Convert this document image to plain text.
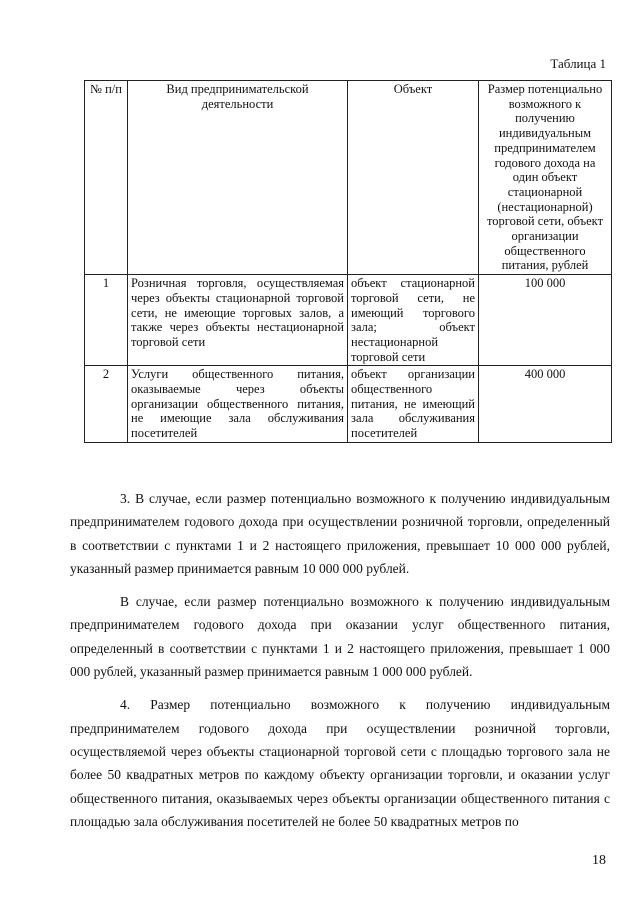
Таблица 1
№ п/п	Вид предпринимательской деятельности	Объект	Размер потенциально возможного к получению индивидуальным предпринимателем годового дохода на один объект стационарной (нестационарной) торговой сети, объект организации общественного питания, рублей
1	Розничная торговля, осуществляемая через объекты стационарной торговой сети, не имеющие торговых залов, а также через объекты нестационарной торговой сети	объект стационарной торговой сети, не имеющий торгового зала; объект нестационарной торговой сети	100 000
2	Услуги общественного питания, оказываемые через объекты организации общественного питания, не имеющие зала обслуживания посетителей	объект организации общественного питания, не имеющий зала обслуживания посетителей	400 000

3. В случае, если размер потенциально возможного к получению индивидуальным предпринимателем годового дохода при осуществлении розничной торговли, определенный в соответствии с пунктами 1 и 2 настоящего приложения, превышает 10 000 000 рублей, указанный размер принимается равным 10 000 000 рублей.

В случае, если размер потенциально возможного к получению индивидуальным предпринимателем годового дохода при оказании услуг общественного питания, определенный в соответствии с пунктами 1 и 2 настоящего приложения, превышает 1 000 000 рублей, указанный размер принимается равным 1 000 000 рублей.

4. Размер потенциально возможного к получению индивидуальным предпринимателем годового дохода при осуществлении розничной торговли, осуществляемой через объекты стационарной торговой сети с площадью торгового зала не более 50 квадратных метров по каждому объекту организации торговли, и оказании услуг общественного питания, оказываемых через объекты организации общественного питания с площадью зала обслуживания посетителей не более 50 квадратных метров по

18
